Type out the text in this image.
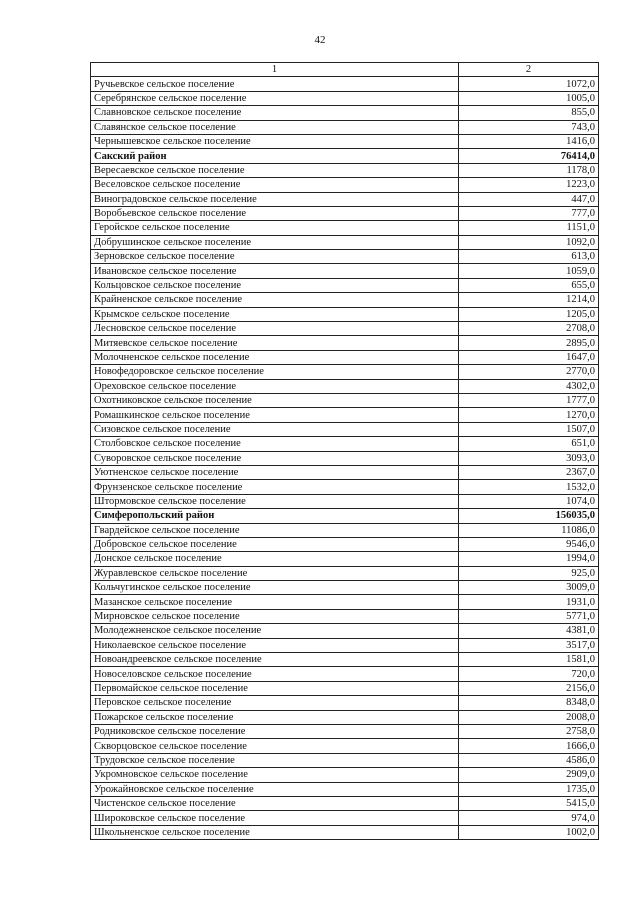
42
1	2
Ручьевское сельское поселение	1072,0
Серебрянское сельское поселение	1005,0
Славновское сельское поселение	855,0
Славянское сельское поселение	743,0
Чернышевское сельское поселение	1416,0
Сакский район	76414,0
Вересаевское сельское поселение	1178,0
Веселовское сельское поселение	1223,0
Виноградовское сельское поселение	447,0
Воробьевское сельское поселение	777,0
Геройское сельское поселение	1151,0
Добрушинское сельское поселение	1092,0
Зерновское сельское поселение	613,0
Ивановское сельское поселение	1059,0
Кольцовское сельское поселение	655,0
Крайненское сельское поселение	1214,0
Крымское сельское поселение	1205,0
Лесновское сельское поселение	2708,0
Митяевское сельское поселение	2895,0
Молочненское сельское поселение	1647,0
Новофедоровское сельское поселение	2770,0
Ореховское сельское поселение	4302,0
Охотниковское сельское поселение	1777,0
Ромашкинское сельское поселение	1270,0
Сизовское сельское поселение	1507,0
Столбовское сельское поселение	651,0
Суворовское сельское поселение	3093,0
Уютненское сельское поселение	2367,0
Фрунзенское сельское поселение	1532,0
Штормовское сельское поселение	1074,0
Симферопольский район	156035,0
Гвардейское сельское поселение	11086,0
Добровское сельское поселение	9546,0
Донское сельское поселение	1994,0
Журавлевское сельское поселение	925,0
Кольчугинское сельское поселение	3009,0
Мазанское сельское поселение	1931,0
Мирновское сельское поселение	5771,0
Молодежненское сельское поселение	4381,0
Николаевское сельское поселение	3517,0
Новоандреевское сельское поселение	1581,0
Новоселовское сельское поселение	720,0
Первомайское сельское поселение	2156,0
Перовское сельское поселение	8348,0
Пожарское сельское поселение	2008,0
Родниковское сельское поселение	2758,0
Скворцовское сельское поселение	1666,0
Трудовское сельское поселение	4586,0
Укромновское сельское поселение	2909,0
Урожайновское сельское поселение	1735,0
Чистенское сельское поселение	5415,0
Широковское сельское поселение	974,0
Школьненское сельское поселение	1002,0
